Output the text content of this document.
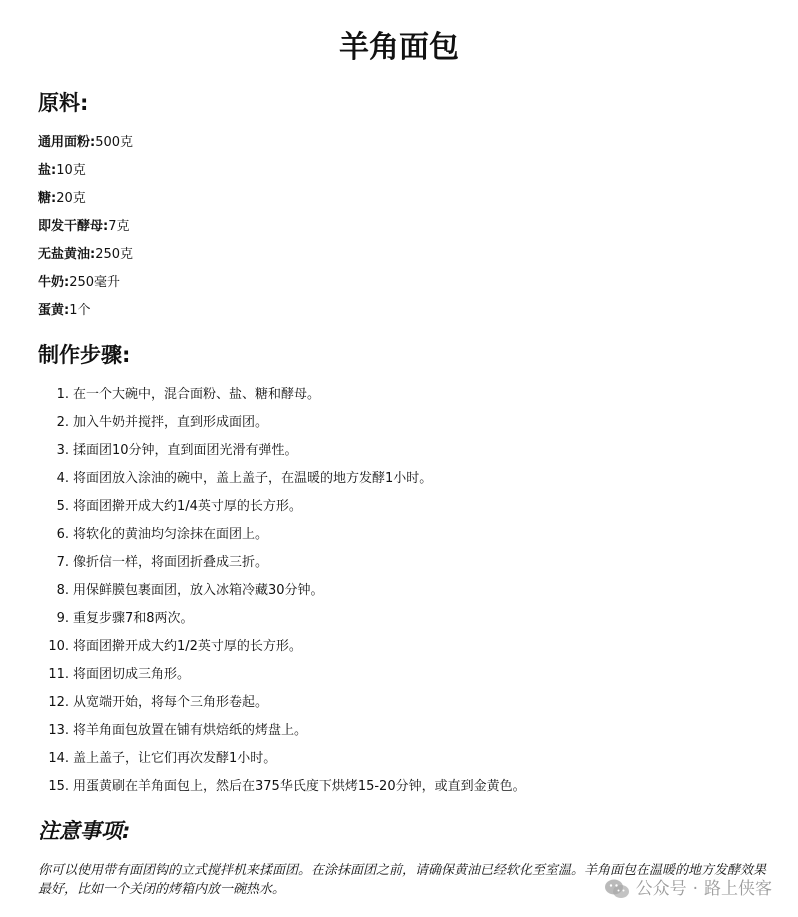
羊角面包
原料:
通用面粉:500克
盐:10克
糖:20克
即发干酵母:7克
无盐黄油:250克
牛奶:250毫升
蛋黄:1个
制作步骤:
1. 在一个大碗中，混合面粉、盐、糖和酵母。
2. 加入牛奶并搅拌，直到形成面团。
3. 揉面团10分钟，直到面团光滑有弹性。
4. 将面团放入涂油的碗中，盖上盖子，在温暖的地方发酵1小时。
5. 将面团擀开成大约1/4英寸厚的长方形。
6. 将软化的黄油均匀涂抹在面团上。
7. 像折信一样，将面团折叠成三折。
8. 用保鲜膜包裹面团，放入冰箱冷藏30分钟。
9. 重复步骤7和8两次。
10. 将面团擀开成大约1/2英寸厚的长方形。
11. 将面团切成三角形。
12. 从宽端开始，将每个三角形卷起。
13. 将羊角面包放置在铺有烘焙纸的烤盘上。
14. 盖上盖子，让它们再次发酵1小时。
15. 用蛋黄刷在羊角面包上，然后在375华氏度下烘烤15-20分钟，或直到金黄色。
注意事项:

你可以使用带有面团钩的立式搅拌机来揉面团。在涂抹面团之前，请确保黄油已经软化至室温。羊角面包在温暖的地方发酵效果最好，比如一个关闭的烤箱内放一碗热水。	公众号 · 路上侠客
